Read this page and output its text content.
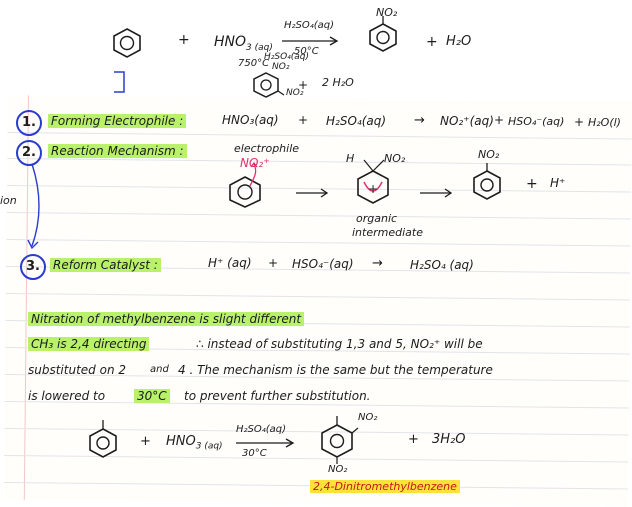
+ $HNO_{3 (aq)}$
H₂SO₄(aq)
50°C
NO₂
+ H₂O
750°C
H₂SO₄(aq)
NO₂
NO₂
+ 2 H₂O
ion
1.	Forming Electrophile :	HNO₃(aq) + H₂SO₄(aq) → NO₂⁺(aq) + HSO₄⁻(aq) + H₂O(l)
2.	Reaction Mechanism :	electrophile
NO₂⁺	H	NO₂
+
NO₂
+ H⁺
organic
intermediate
3.	Reform Catalyst :	H⁺ (aq) + HSO₄⁻(aq) → H₂SO₄ (aq)
Nitration of methylbenzene is slight different
CH₃ is 2,4 directing	∴ instead of substituting 1,3 and 5, NO₂⁺ will be
substituted on 2 and 4 . The mechanism is the same but the temperature
is lowered to	30°C to prevent further substitution.
+ $HNO_{3 (aq)}$
H₂SO₄(aq)
30°C
NO₂
NO₂
+ 3H₂O
2,4-Dinitromethylbenzene
